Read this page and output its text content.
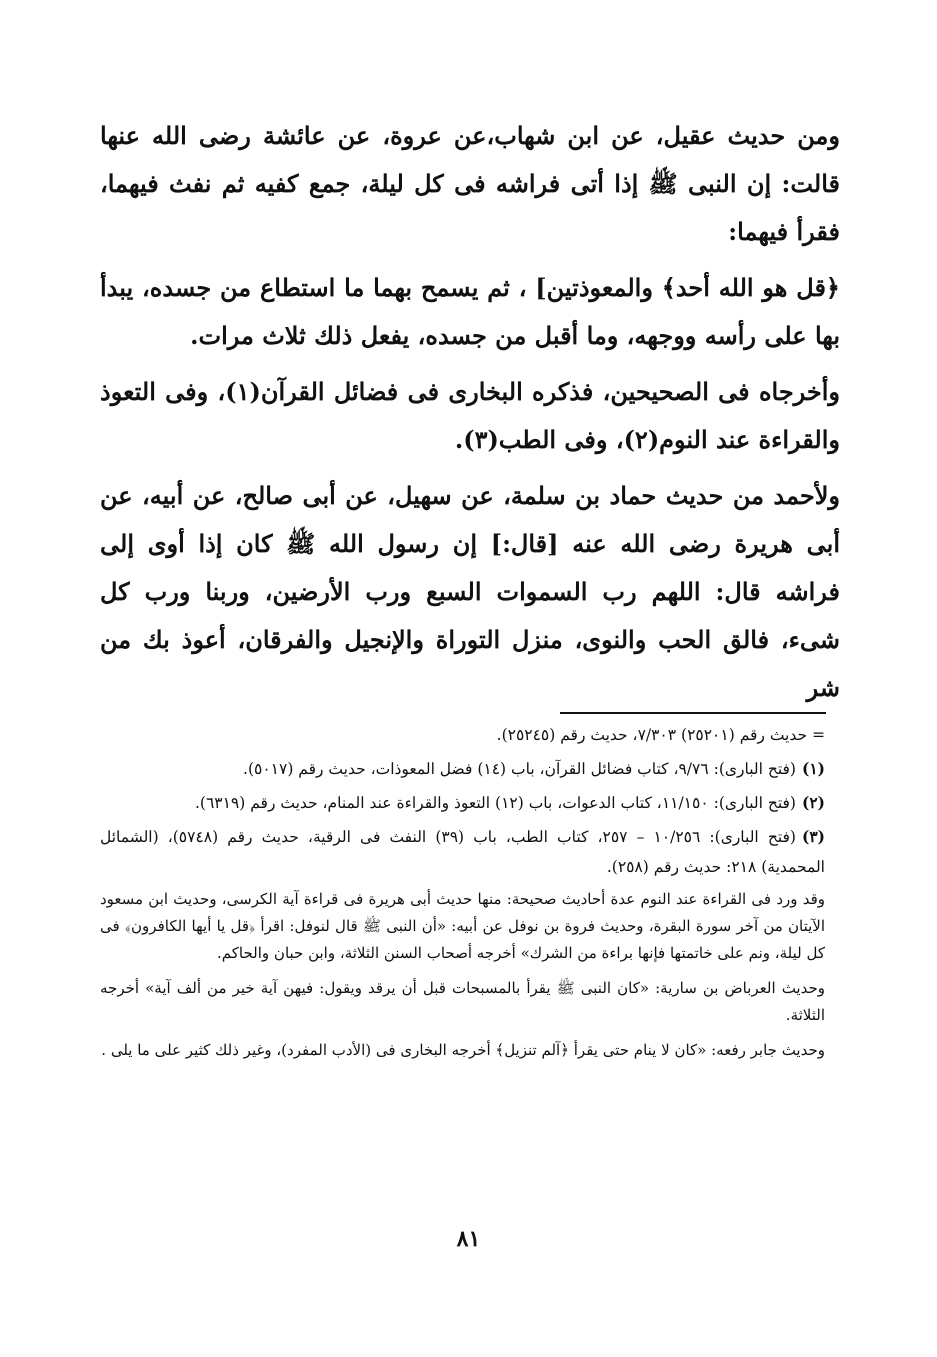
ومن حديث عقيل، عن ابن شهاب،عن عروة، عن عائشة رضى الله عنها قالت: إن النبى ﷺ إذا أتى فراشه فى كل ليلة، جمع كفيه ثم نفث فيهما، فقرأ فيهما:

﴿قل هو الله أحد﴾ والمعوذتين] ، ثم يسمح بهما ما استطاع من جسده، يبدأ بها على رأسه ووجهه، وما أقبل من جسده، يفعل ذلك ثلاث مرات.

وأخرجاه فى الصحيحين، فذكره البخارى فى فضائل القرآن(١)، وفى التعوذ والقراءة عند النوم(٢)، وفى الطب(٣).

ولأحمد من حديث حماد بن سلمة، عن سهيل، عن أبى صالح، عن أبيه، عن أبى هريرة رضى الله عنه [قال:] إن رسول الله ﷺ كان إذا أوى إلى فراشه قال: اللهم رب السموات السبع ورب الأرضين، وربنا ورب كل شىء، فالق الحب والنوى، منزل التوراة والإنجيل والفرقان، أعوذ بك من شر

= حديث رقم (٢٥٢٠١) ٧/٣٠٣، حديث رقم (٢٥٢٤٥).

(١)(فتح البارى): ٩/٧٦، كتاب فضائل القرآن، باب (١٤) فضل المعوذات، حديث رقم (٥٠١٧).

(٢)(فتح البارى): ١١/١٥٠، كتاب الدعوات، باب (١٢) التعوذ والقراءة عند المنام، حديث رقم (٦٣١٩).

(٣)(فتح البارى): ١٠/٢٥٦ – ٢٥٧، كتاب الطب، باب (٣٩) النفث فى الرقية، حديث رقم (٥٧٤٨)، (الشمائل المحمدية) ٢١٨: حديث رقم (٢٥٨).

وقد ورد فى القراءة عند النوم عدة أحاديث صحيحة: منها حديث أبى هريرة فى قراءة آية الكرسى، وحديث ابن مسعود الآيتان من آخر سورة البقرة، وحديث فروة بن نوفل عن أبيه: «أن النبى ﷺ قال لنوفل: اقرأ ﴿قل يا أيها الكافرون﴾ فى كل ليلة، ونم على خاتمتها فإنها براءة من الشرك» أخرجه أصحاب السنن الثلاثة، وابن حبان والحاكم.

وحديث العرباض بن سارية: «كان النبى ﷺ يقرأ بالمسبحات قبل أن يرقد ويقول: فيهن آية خير من ألف آية» أخرجه الثلاثة.

وحديث جابر رفعه: «كان لا ينام حتى يقرأ ﴿آلم تنزيل﴾ أخرجه البخارى فى (الأدب المفرد)، وغير ذلك كثير على ما يلى .

٨١
